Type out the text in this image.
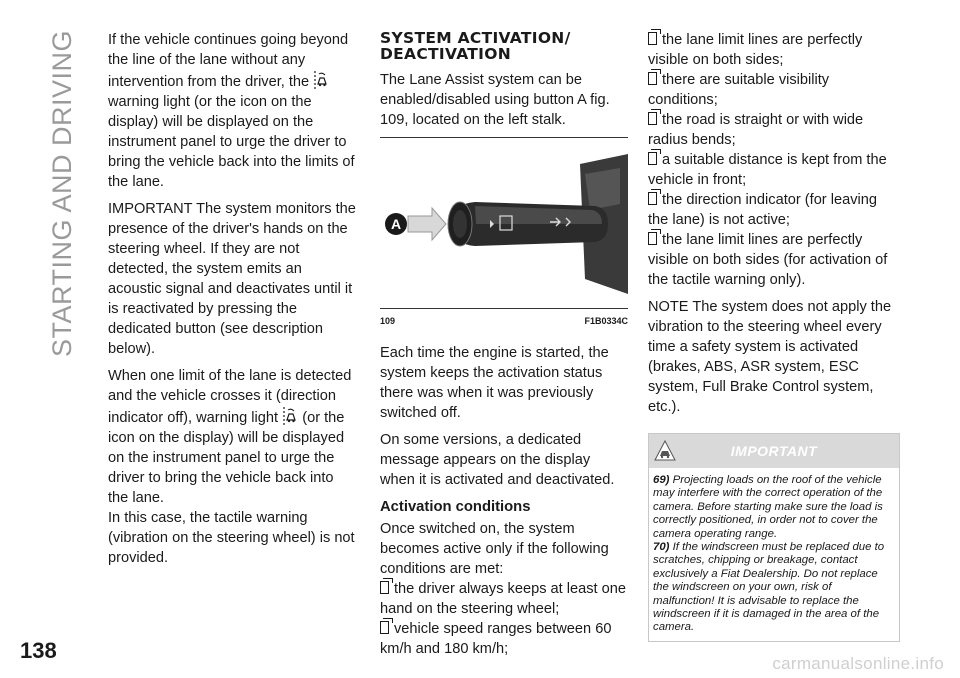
STARTING AND DRIVING
138
carmanualsonline.info

If the vehicle continues going beyond the line of the lane without any intervention from the driver, the
warning light (or the icon on the display) will be displayed on the instrument panel to urge the driver to bring the vehicle back into the limits of the lane.

IMPORTANT The system monitors the presence of the driver's hands on the steering wheel. If they are not detected, the system emits an acoustic signal and deactivates until it is reactivated by pressing the dedicated button (see description below).

When one limit of the lane is detected and the vehicle crosses it (direction indicator off), warning light (or the icon on the display) will be displayed on the instrument panel to urge the driver to bring the vehicle back into the lane.

In this case, the tactile warning (vibration on the steering wheel) is not provided.

SYSTEM ACTIVATION/ DEACTIVATION

The Lane Assist system can be enabled/disabled using button A fig. 109, located on the left stalk.

A
109	F1B0334C

Each time the engine is started, the system keeps the activation status there was when it was previously switched off.

On some versions, a dedicated message appears on the display when it is activated and deactivated.

Activation conditions

Once switched on, the system becomes active only if the following conditions are met:

the driver always keeps at least one hand on the steering wheel;
vehicle speed ranges between 60 km/h and 180 km/h;
the lane limit lines are perfectly visible on both sides;
there are suitable visibility conditions;
the road is straight or with wide radius bends;
a suitable distance is kept from the vehicle in front;
the direction indicator (for leaving the lane) is not active;
the lane limit lines are perfectly visible on both sides (for activation of the tactile warning only).

NOTE The system does not apply the vibration to the steering wheel every time a safety system is activated (brakes, ABS, ASR system, ESC system, Full Brake Control system, etc.).

IMPORTANT

69) Projecting loads on the roof of the vehicle may interfere with the correct operation of the camera. Before starting make sure the load is correctly positioned, in order not to cover the camera operating range.

70) If the windscreen must be replaced due to scratches, chipping or breakage, contact exclusively a Fiat Dealership. Do not replace the windscreen on your own, risk of malfunction! It is advisable to replace the windscreen if it is damaged in the area of the camera.
